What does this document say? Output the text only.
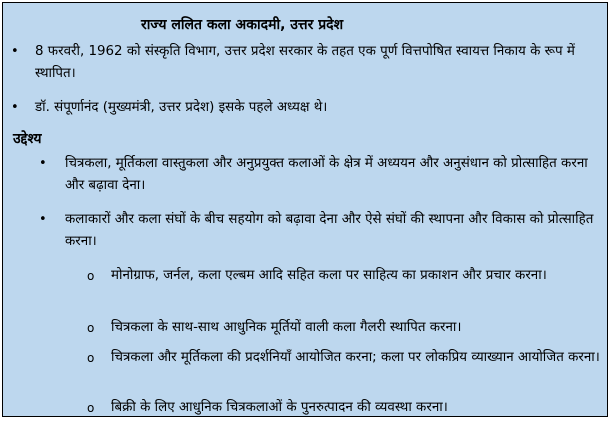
राज्य ललित कला अकादमी, उत्तर प्रदेश
• 8 फरवरी, 1962 को संस्कृति विभाग, उत्तर प्रदेश सरकार के तहत एक पूर्ण वित्तपोषित स्वायत्त निकाय के रूप में स्थापित।
• डॉ. संपूर्णानंद (मुख्यमंत्री, उत्तर प्रदेश) इसके पहले अध्यक्ष थे।
उद्देश्य
• चित्रकला, मूर्तिकला वास्तुकला और अनुप्रयुक्त कलाओं के क्षेत्र में अध्ययन और अनुसंधान को प्रोत्साहित करना और बढ़ावा देना।
• कलाकारों और कला संघों के बीच सहयोग को बढ़ावा देना और ऐसे संघों की स्थापना और विकास को प्रोत्साहित करना।
o मोनोग्राफ, जर्नल, कला एल्बम आदि सहित कला पर साहित्य का प्रकाशन और प्रचार करना।
o चित्रकला के साथ-साथ आधुनिक मूर्तियों वाली कला गैलरी स्थापित करना।
o चित्रकला और मूर्तिकला की प्रदर्शनियाँ आयोजित करना; कला पर लोकप्रिय व्याख्यान आयोजित करना।
o बिक्री के लिए आधुनिक चित्रकलाओं के पुनरुत्पादन की व्यवस्था करना।
